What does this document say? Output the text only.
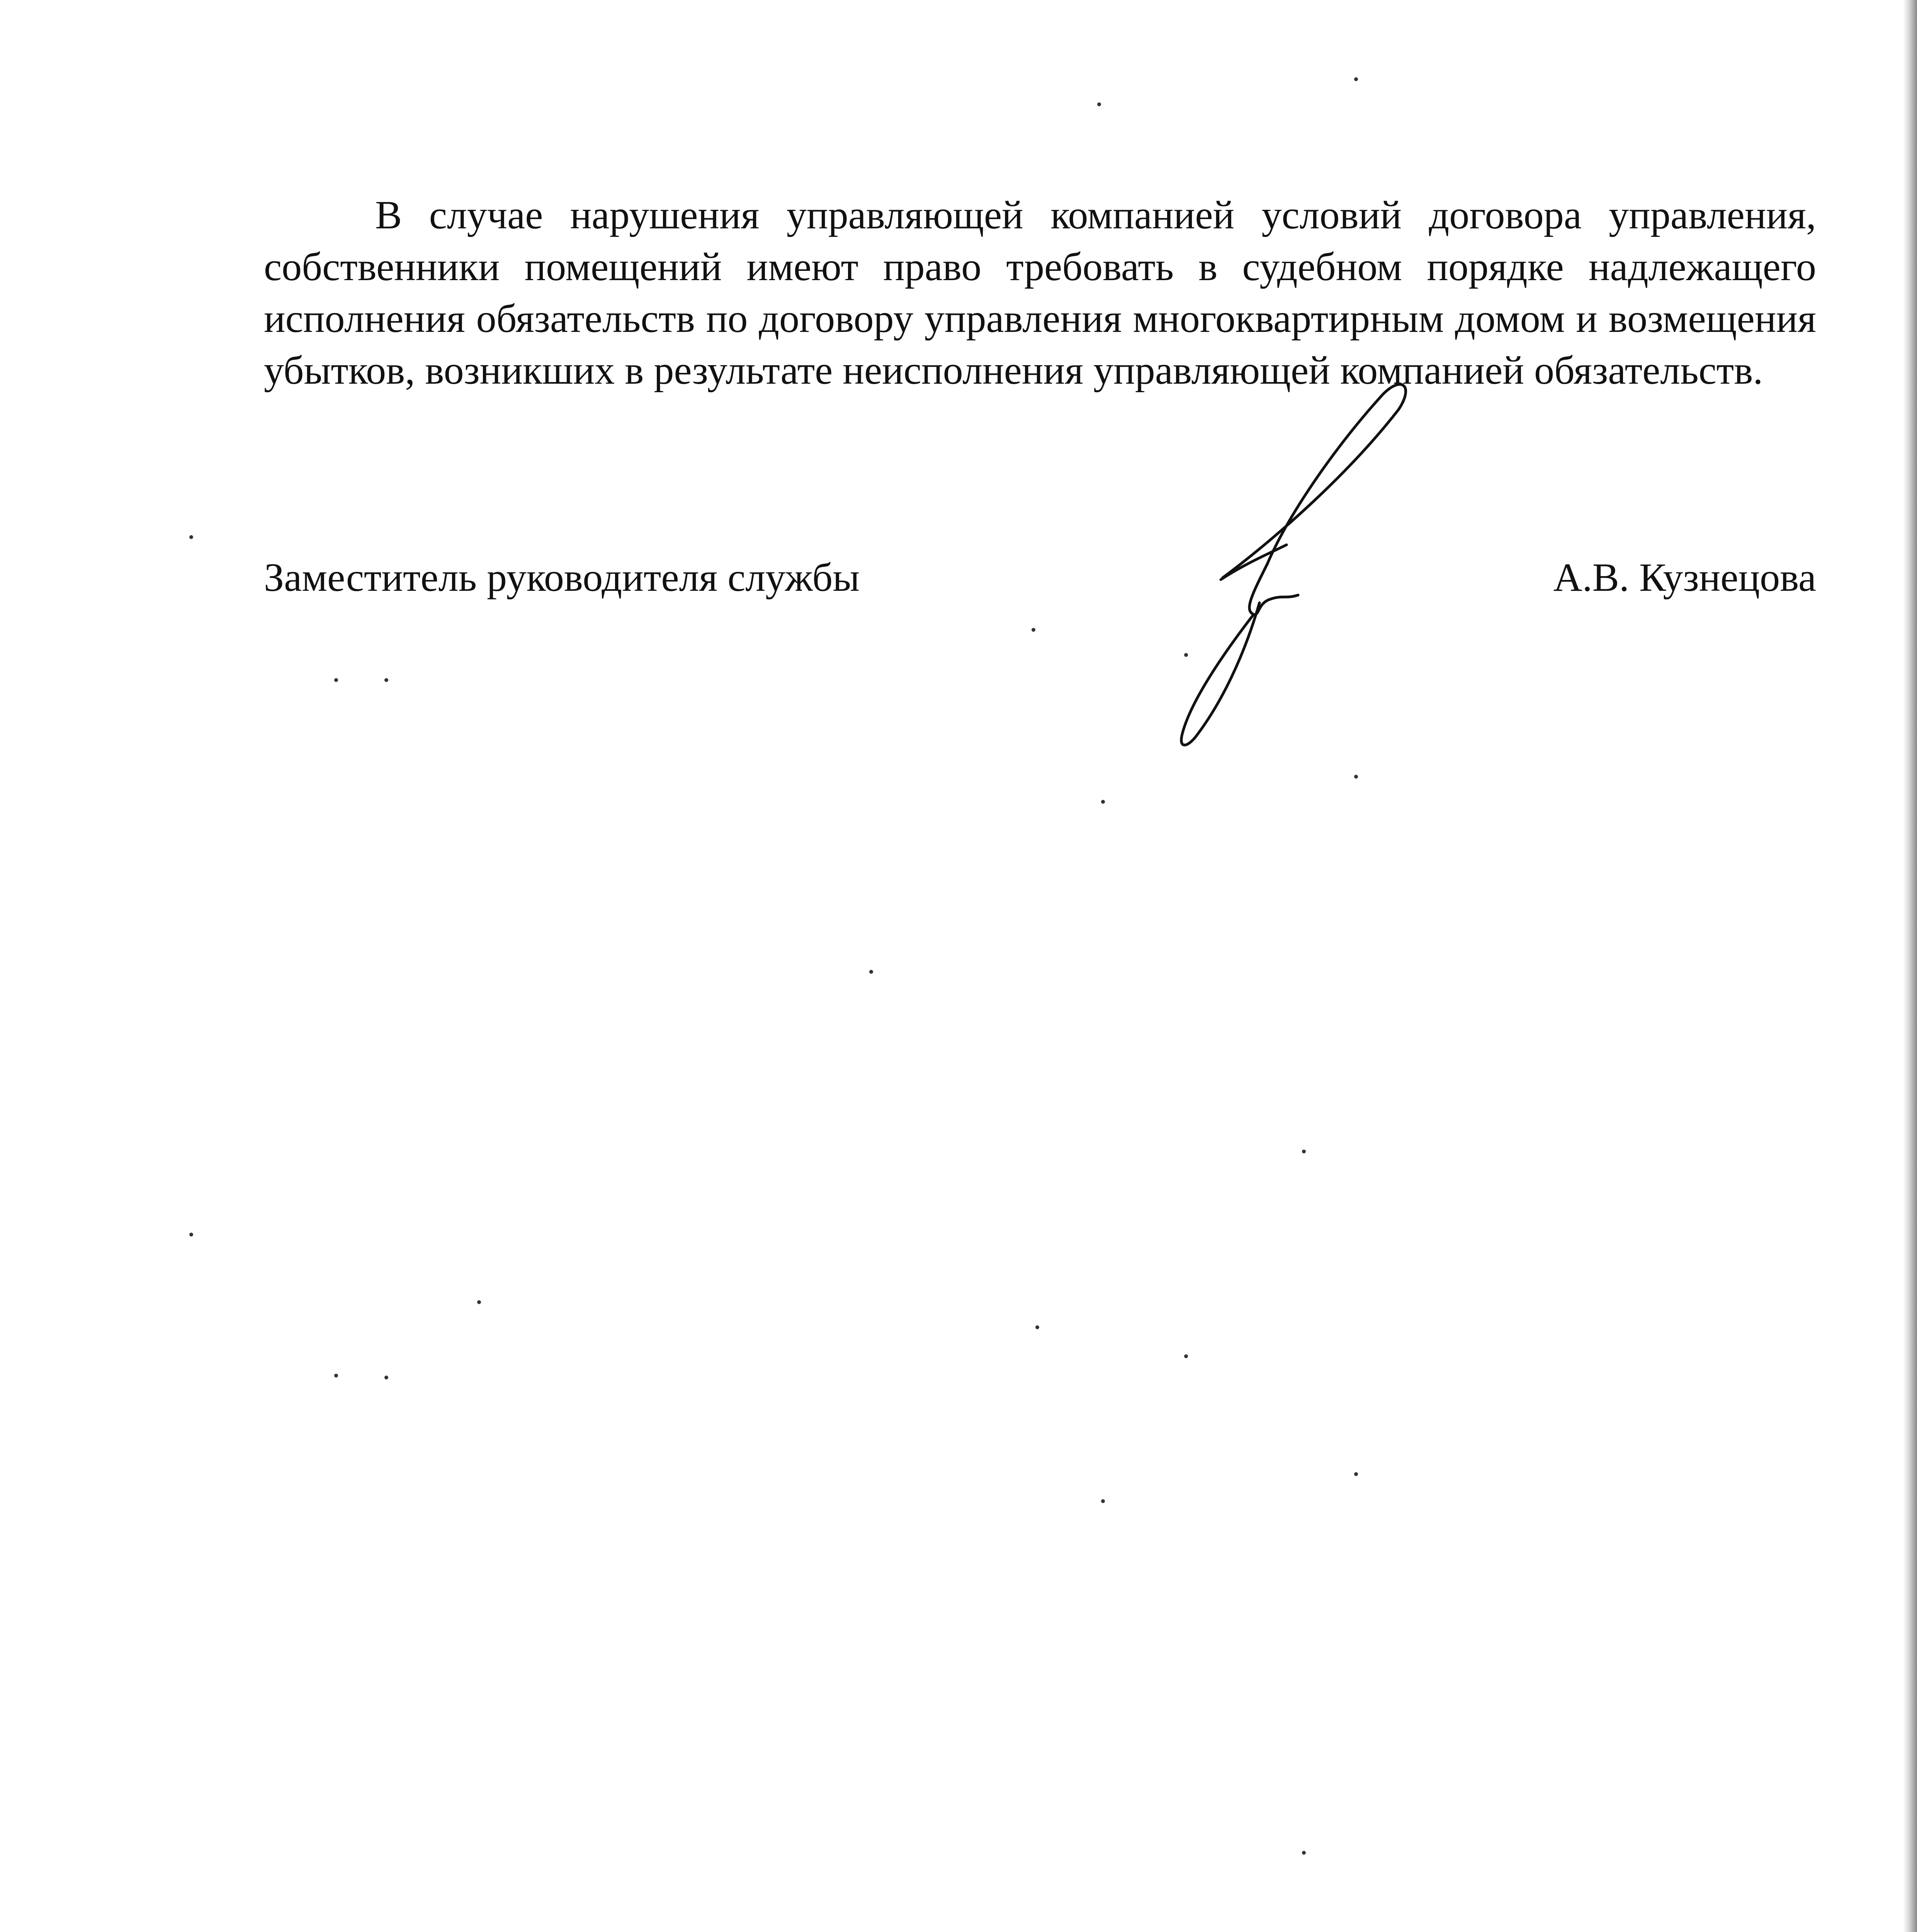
В случае нарушения управляющей компанией условий договора управления, собственники помещений имеют право требовать в судебном порядке надлежащего исполнения обязательств по договору управления многоквартирным домом и возмещения убытков, возникших в результате неисполнения управляющей компанией обязательств.

Заместитель руководителя службы	А.В. Кузнецова
